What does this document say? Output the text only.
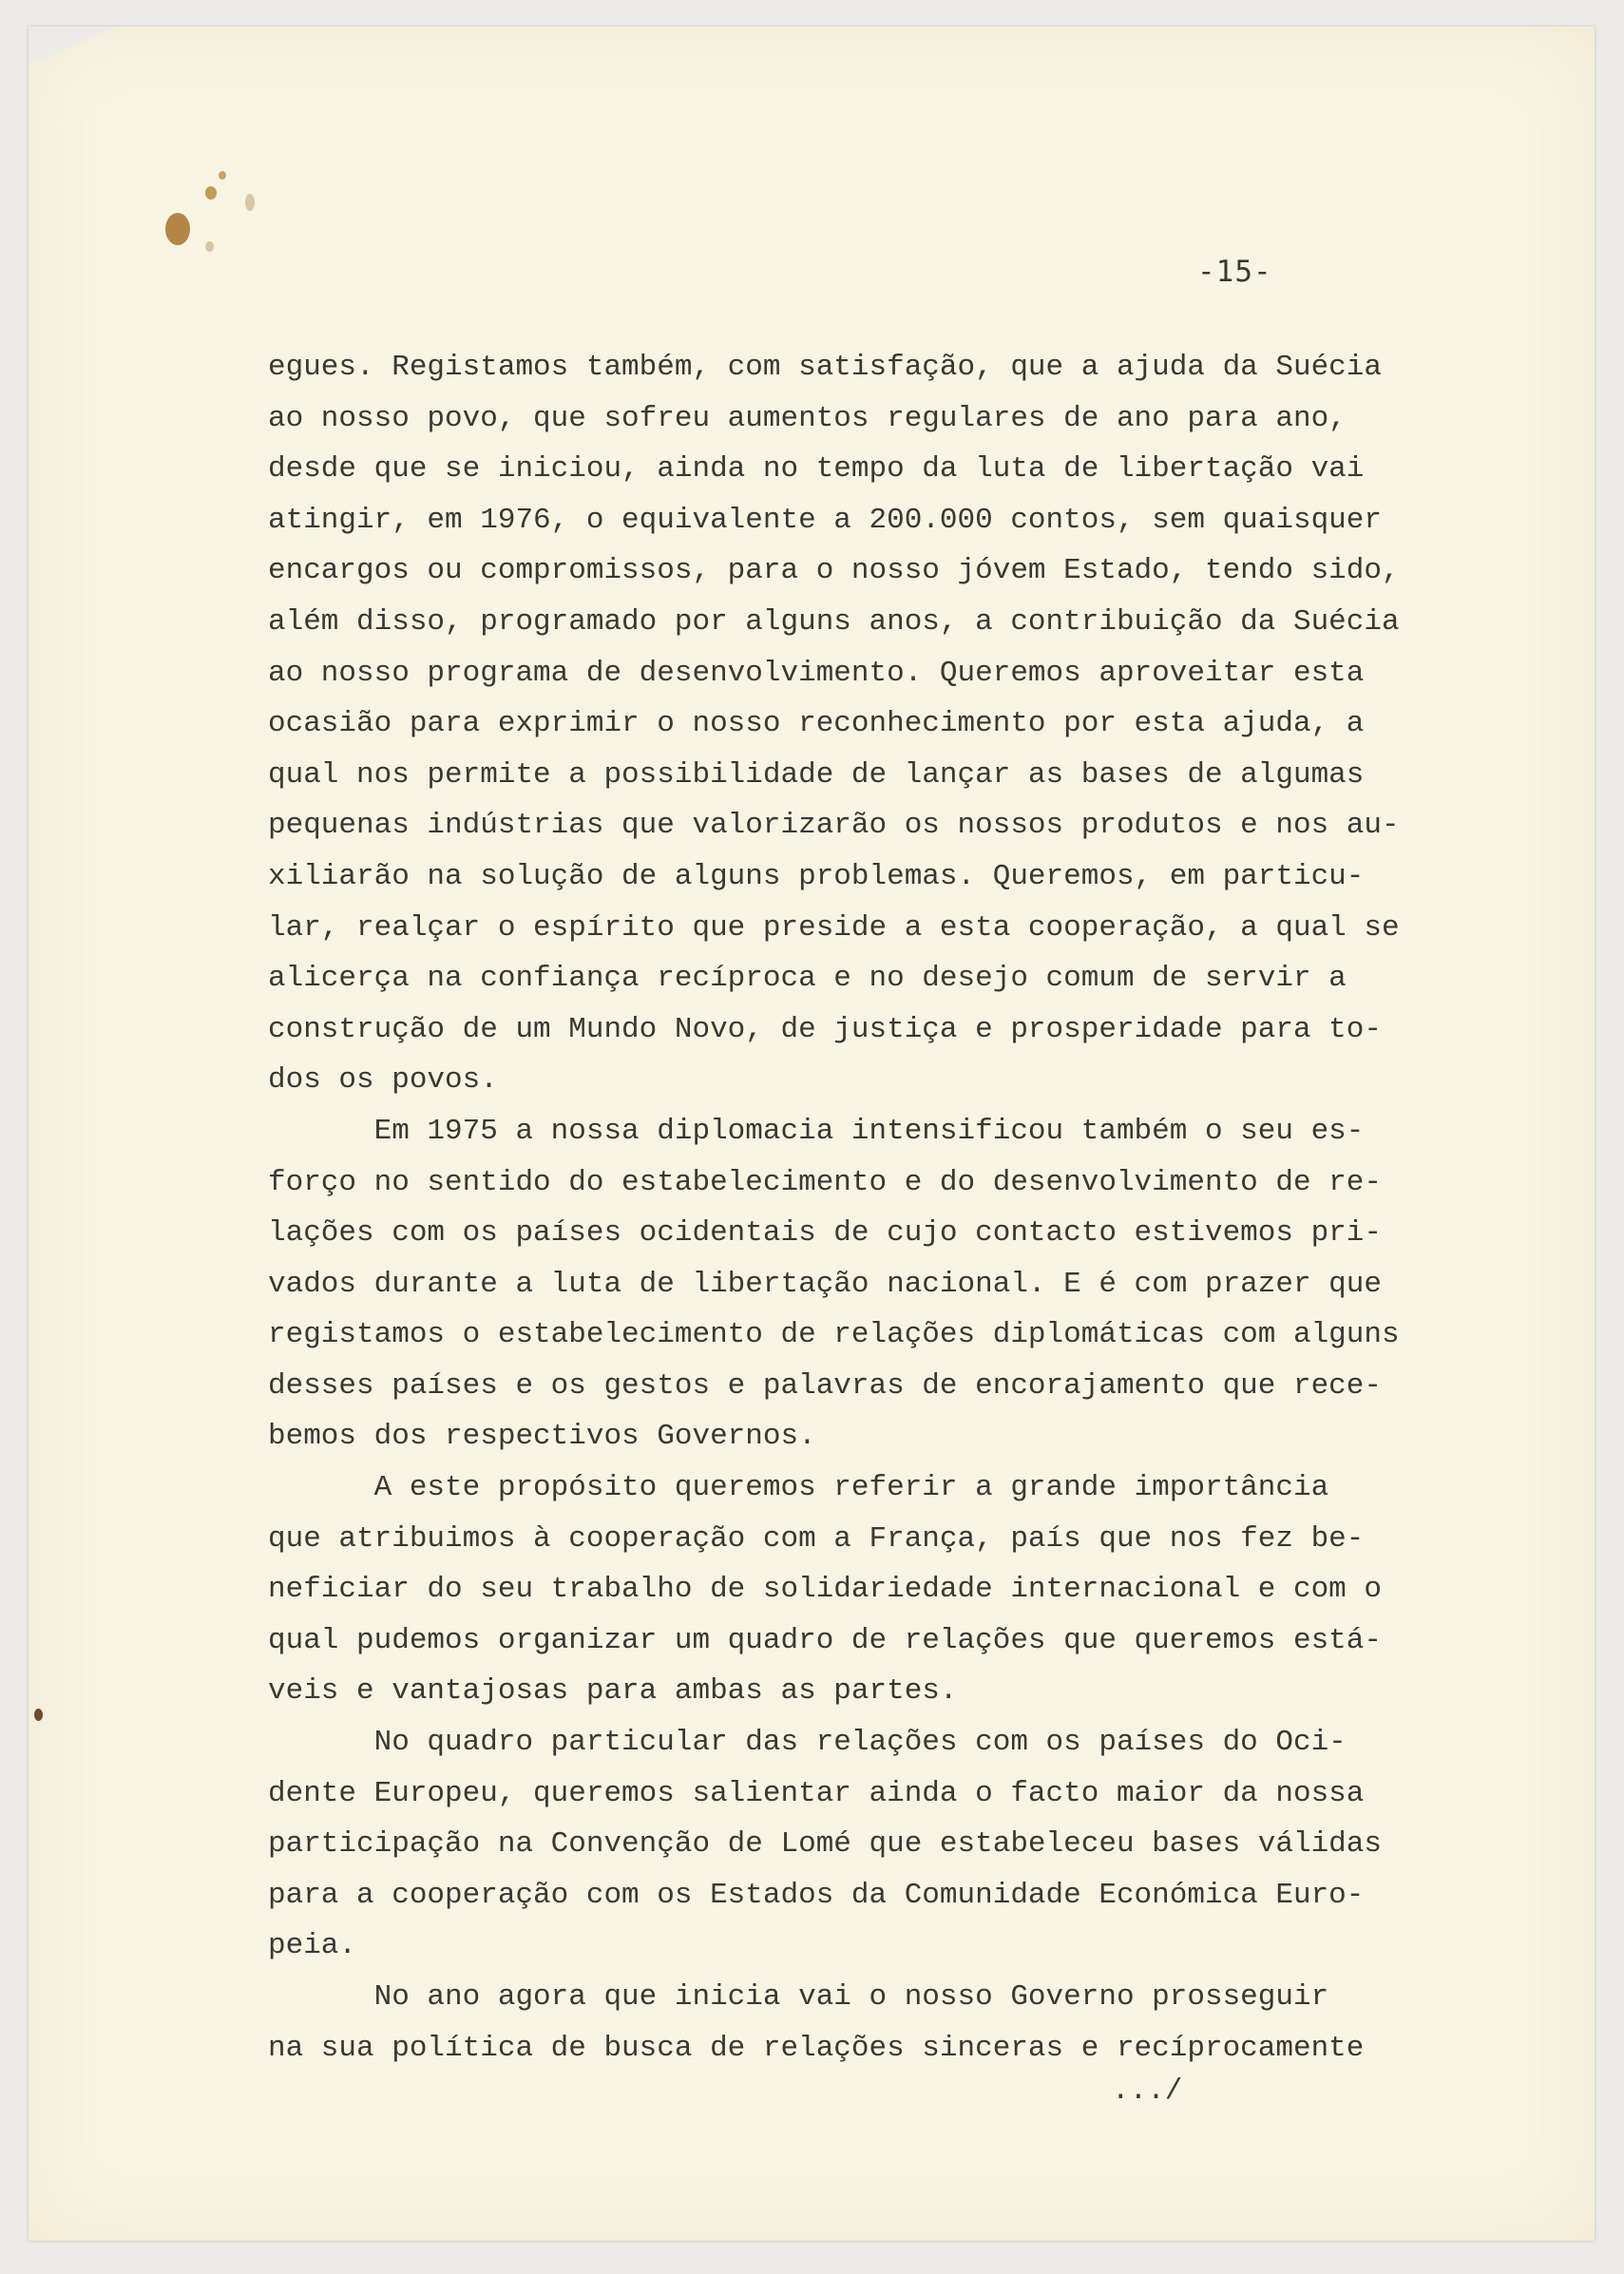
-15-
egues. Registamos também, com satisfação, que a ajuda da Suécia
ao nosso povo, que sofreu aumentos regulares de ano para ano,
desde que se iniciou, ainda no tempo da luta de libertação vai
atingir, em 1976, o equivalente a 200.000 contos, sem quaisquer
encargos ou compromissos, para o nosso jóvem Estado, tendo sido,
além disso, programado por alguns anos, a contribuição da Suécia
ao nosso programa de desenvolvimento. Queremos aproveitar esta
ocasião para exprimir o nosso reconhecimento por esta ajuda, a
qual nos permite a possibilidade de lançar as bases de algumas
pequenas indústrias que valorizarão os nossos produtos e nos au-
xiliarão na solução de alguns problemas. Queremos, em particu-
lar, realçar o espírito que preside a esta cooperação, a qual se
alicerça na confiança recíproca e no desejo comum de servir a
construção de um Mundo Novo, de justiça e prosperidade para to-
dos os povos.
Em 1975 a nossa diplomacia intensificou também o seu es-
forço no sentido do estabelecimento e do desenvolvimento de re-
lações com os países ocidentais de cujo contacto estivemos pri-
vados durante a luta de libertação nacional. E é com prazer que
registamos o estabelecimento de relações diplomáticas com alguns
desses países e os gestos e palavras de encorajamento que rece-
bemos dos respectivos Governos.
A este propósito queremos referir a grande importância
que atribuimos à cooperação com a França, país que nos fez be-
neficiar do seu trabalho de solidariedade internacional e com o
qual pudemos organizar um quadro de relações que queremos está-
veis e vantajosas para ambas as partes.
No quadro particular das relações com os países do Oci-
dente Europeu, queremos salientar ainda o facto maior da nossa
participação na Convenção de Lomé que estabeleceu bases válidas
para a cooperação com os Estados da Comunidade Económica Euro-
peia.
No ano agora que inicia vai o nosso Governo prosseguir
na sua política de busca de relações sinceras e recíprocamente
.../
